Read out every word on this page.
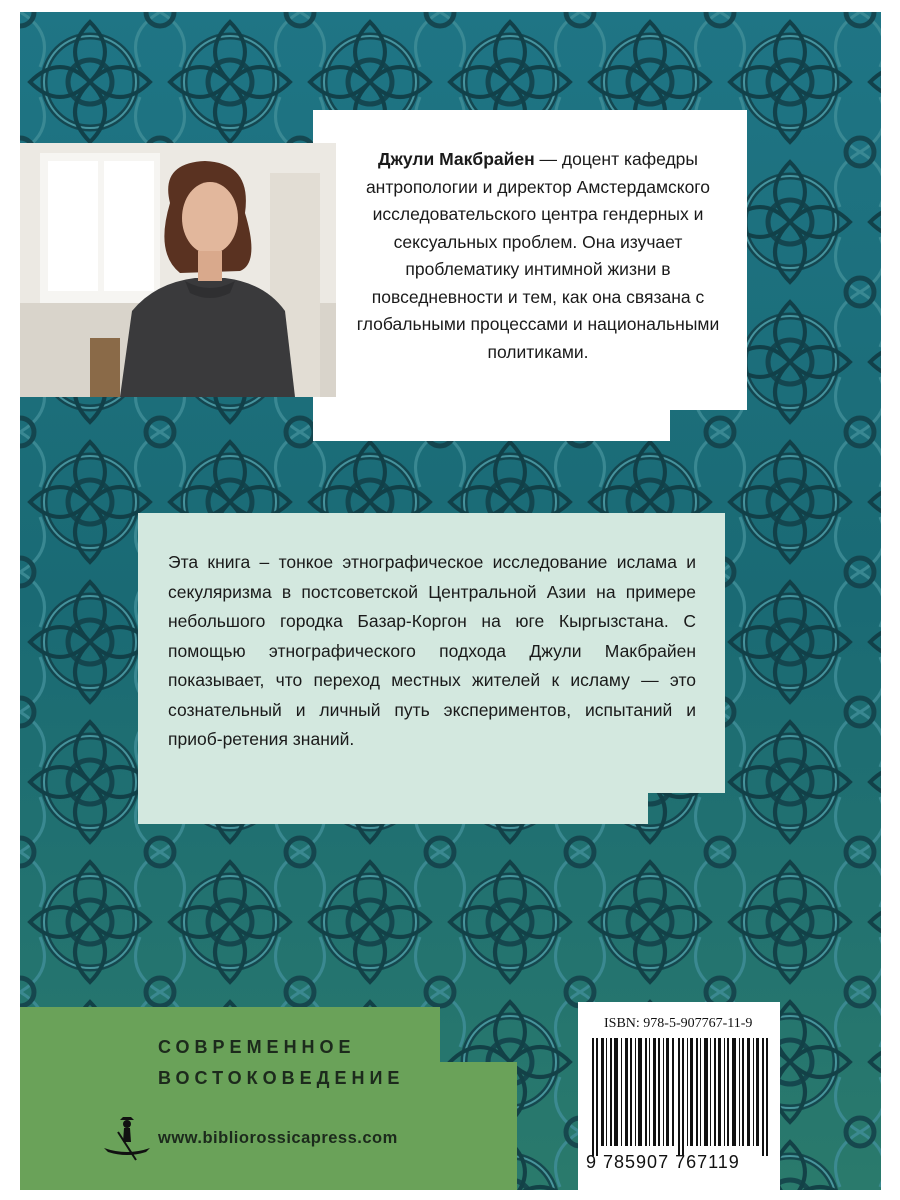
Джули Макбрайен — доцент кафедры антропологии и директор Амстердамского исследовательского центра гендерных и сексуальных проблем. Она изучает проблематику интимной жизни в повседневности и тем, как она связана с глобальными процессами и национальными политиками.

Эта книга – тонкое этнографическое исследование ислама и секуляризма в постсоветской Центральной Азии на примере небольшого городка Базар-Коргон на юге Кыргызстана. С помощью этнографического подхода Джули Макбрайен показывает, что переход местных жителей к исламу — это сознательный и личный путь экспериментов, испытаний и приоб-ретения знаний.

ISBN: 978-5-907767-11-9
9 785907 767119
СОВРЕМЕННОЕ
ВОСТОКОВЕДЕНИЕ
www.bibliorossicapress.com
